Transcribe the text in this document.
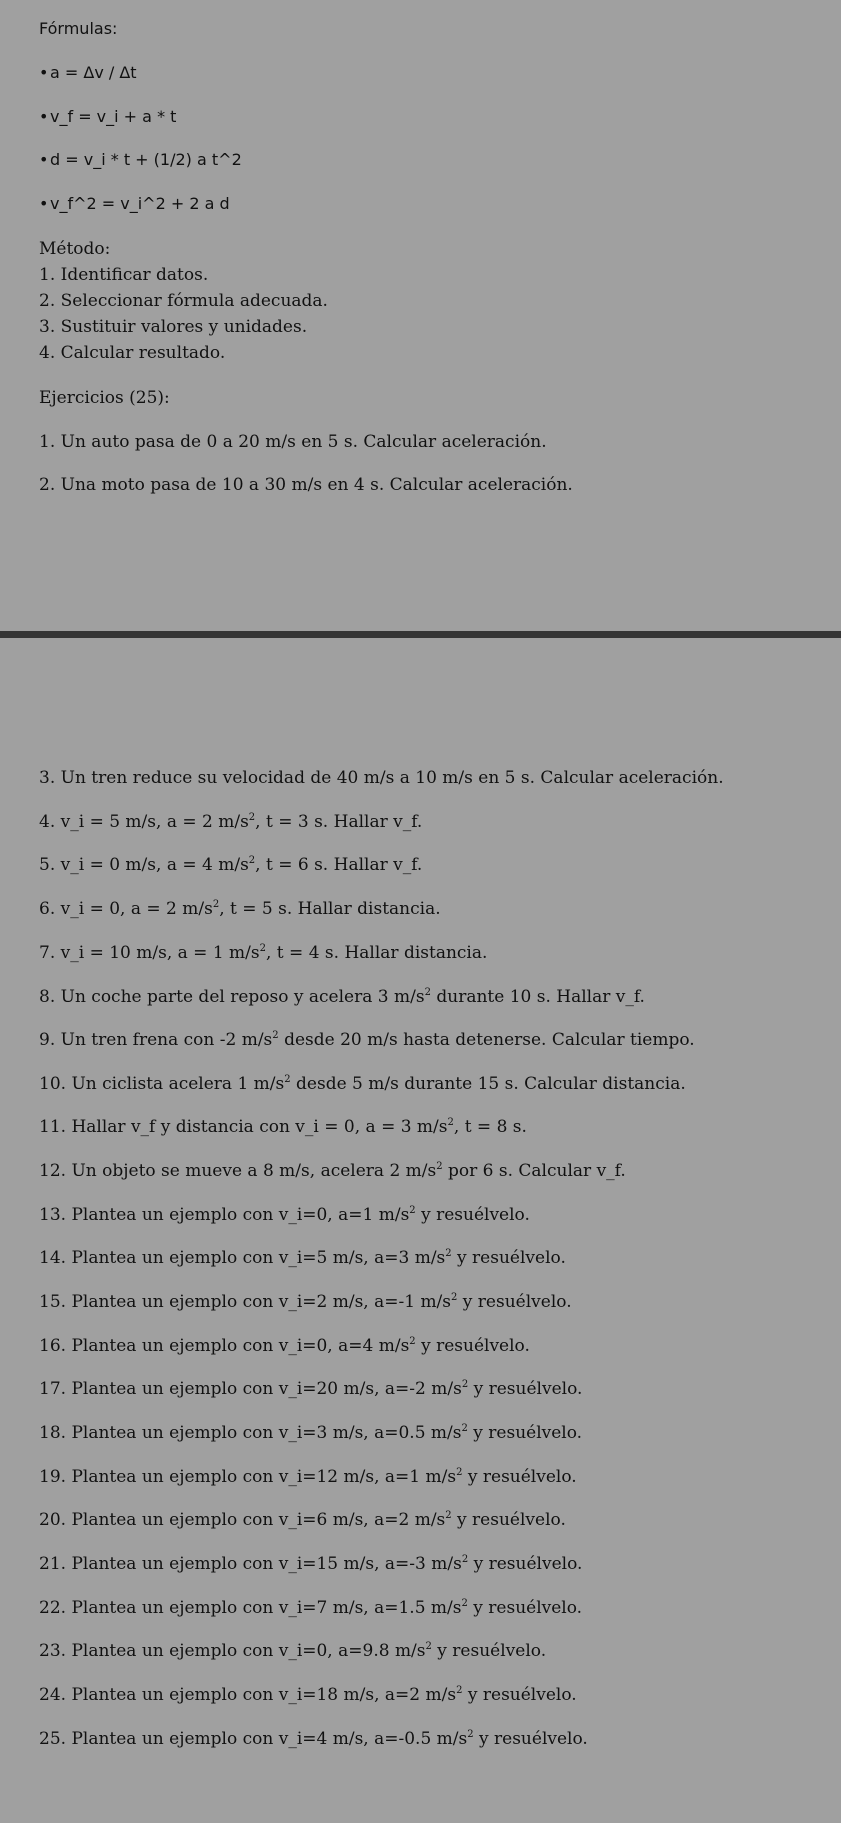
Fórmulas:
•a = Δv / Δt
•v_f = v_i + a * t
•d = v_i * t + (1/2) a t^2
•v_f^2 = v_i^2 + 2 a d
Método:
1. Identificar datos.
2. Seleccionar fórmula adecuada.
3. Sustituir valores y unidades.
4. Calcular resultado.
Ejercicios (25):
1. Un auto pasa de 0 a 20 m/s en 5 s. Calcular aceleración.
2. Una moto pasa de 10 a 30 m/s en 4 s. Calcular aceleración.
3. Un tren reduce su velocidad de 40 m/s a 10 m/s en 5 s. Calcular aceleración.
4. v_i = 5 m/s, a = 2 $m/s^2$, t = 3 s. Hallar v_f.
5. v_i = 0 m/s, a = 4 $m/s^2$, t = 6 s. Hallar v_f.
6. v_i = 0, a = 2 $m/s^2$, t = 5 s. Hallar distancia.
7. v_i = 10 m/s, a = 1 $m/s^2$, t = 4 s. Hallar distancia.
8. Un coche parte del reposo y acelera 3 $m/s^2$ durante 10 s. Hallar v_f.
9. Un tren frena con -2 $m/s^2$ desde 20 m/s hasta detenerse. Calcular tiempo.
10. Un ciclista acelera 1 $m/s^2$ desde 5 m/s durante 15 s. Calcular distancia.
11. Hallar v_f y distancia con v_i = 0, a = 3 $m/s^2$, t = 8 s.
12. Un objeto se mueve a 8 m/s, acelera 2 $m/s^2$ por 6 s. Calcular v_f.
13. Plantea un ejemplo con v_i=0, a=1 $m/s^2$ y resuélvelo.
14. Plantea un ejemplo con v_i=5 m/s, a=3 $m/s^2$ y resuélvelo.
15. Plantea un ejemplo con v_i=2 m/s, a=-1 $m/s^2$ y resuélvelo.
16. Plantea un ejemplo con v_i=0, a=4 $m/s^2$ y resuélvelo.
17. Plantea un ejemplo con v_i=20 m/s, a=-2 $m/s^2$ y resuélvelo.
18. Plantea un ejemplo con v_i=3 m/s, a=0.5 $m/s^2$ y resuélvelo.
19. Plantea un ejemplo con v_i=12 m/s, a=1 $m/s^2$ y resuélvelo.
20. Plantea un ejemplo con v_i=6 m/s, a=2 $m/s^2$ y resuélvelo.
21. Plantea un ejemplo con v_i=15 m/s, a=-3 $m/s^2$ y resuélvelo.
22. Plantea un ejemplo con v_i=7 m/s, a=1.5 $m/s^2$ y resuélvelo.
23. Plantea un ejemplo con v_i=0, a=9.8 $m/s^2$ y resuélvelo.
24. Plantea un ejemplo con v_i=18 m/s, a=2 $m/s^2$ y resuélvelo.
25. Plantea un ejemplo con v_i=4 m/s, a=-0.5 $m/s^2$ y resuélvelo.
